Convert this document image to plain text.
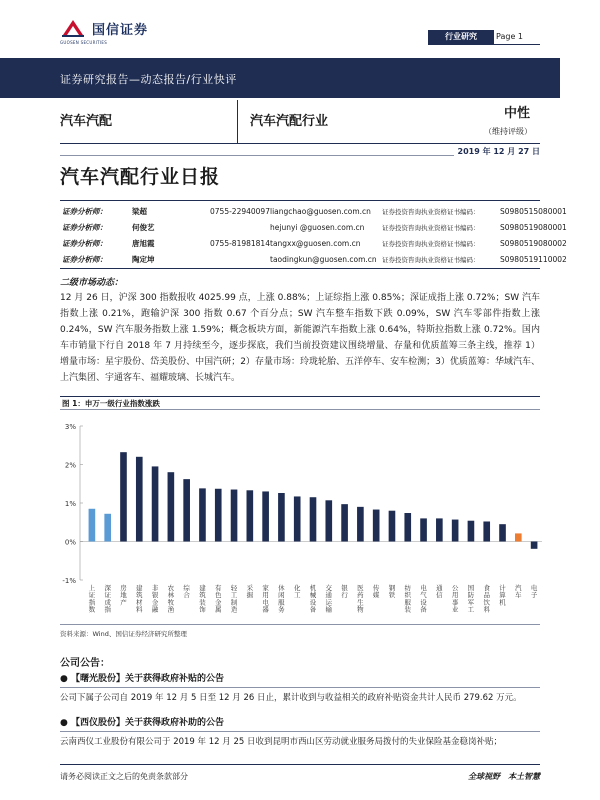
国信证券
GUOSEN SECURITIES
行业研究	Page 1
证券研究报告—动态报告/行业快评
汽车汽配	汽车汽配行业
中性
（维持评级）
2019 年 12 月 27 日
汽车汽配行业日报
证券分析师：	梁超	0755-22940097 liangchao@guosen.com.cn 证券投资咨询执业资格证书编码：	S0980515080001
证券分析师：	何俊艺	hejunyi @guosen.com.cn	证券投资咨询执业资格证书编码：	S0980519080001
证券分析师：	唐旭霞	0755-81981814 tangxx@guosen.com.cn	证券投资咨询执业资格证书编码：	S0980519080002
证券分析师：	陶定坤	taodingkun@guosen.com.cn 证券投资咨询执业资格证书编码：	S0980519110002
二级市场动态：

12 月 26 日，沪深 300 指数报收 4025.99 点，上涨 0.88%；上证综指上涨 0.85%；深证成指上涨 0.72%；SW 汽车指数上涨 0.21%，跑输沪深 300 指数 0.67 个百分点；SW 汽车整车指数下跌 0.09%，SW 汽车零部件指数上涨 0.24%，SW 汽车服务指数上涨 1.59%；概念板块方面，新能源汽车指数上涨 0.64%，特斯拉指数上涨 0.72%。国内车市销量下行自 2018 年 7 月持续至今，逐步探底，我们当前投资建议围绕增量、存量和优质蓝筹三条主线，推荐 1）增量市场：星宇股份、岱美股份、中国汽研；2）存量市场：玲珑轮胎、五洋停车、安车检测；3）优质蓝筹：华域汽车、上汽集团、宇通客车、福耀玻璃、长城汽车。

图 1：申万一级行业指数涨跌
-1%
0%
1%
2%
3%
上
证
指
数
深
证
成
指
房
地
产
建
筑
材
料
非
银
金
融
农
林
牧
渔
综
合
建
筑
装
饰
有
色
金
属
轻
工
制
造
采
掘
家
用
电
器
休
闲
服
务
化
工
机
械
设
备
交
通
运
输
银
行
医
药
生
物
传
媒
钢
铁
纺
织
服
装
电
气
设
备
通
信
公
用
事
业
国
防
军
工
食
品
饮
料
计
算
机
汽
车
电
子
资料来源：Wind、国信证券经济研究所整理
公司公告：
● 【曙光股份】关于获得政府补贴的公告
公司下属子公司自 2019 年 12 月 5 日至 12 月 26 日止，累计收到与收益相关的政府补贴资金共计人民币 279.62 万元。
● 【西仪股份】关于获得政府补助的公告
云南西仪工业股份有限公司于 2019 年 12 月 25 日收到昆明市西山区劳动就业服务局拨付的失业保险基金稳岗补贴；
请务必阅读正文之后的免责条款部分	全球视野　本土智慧
